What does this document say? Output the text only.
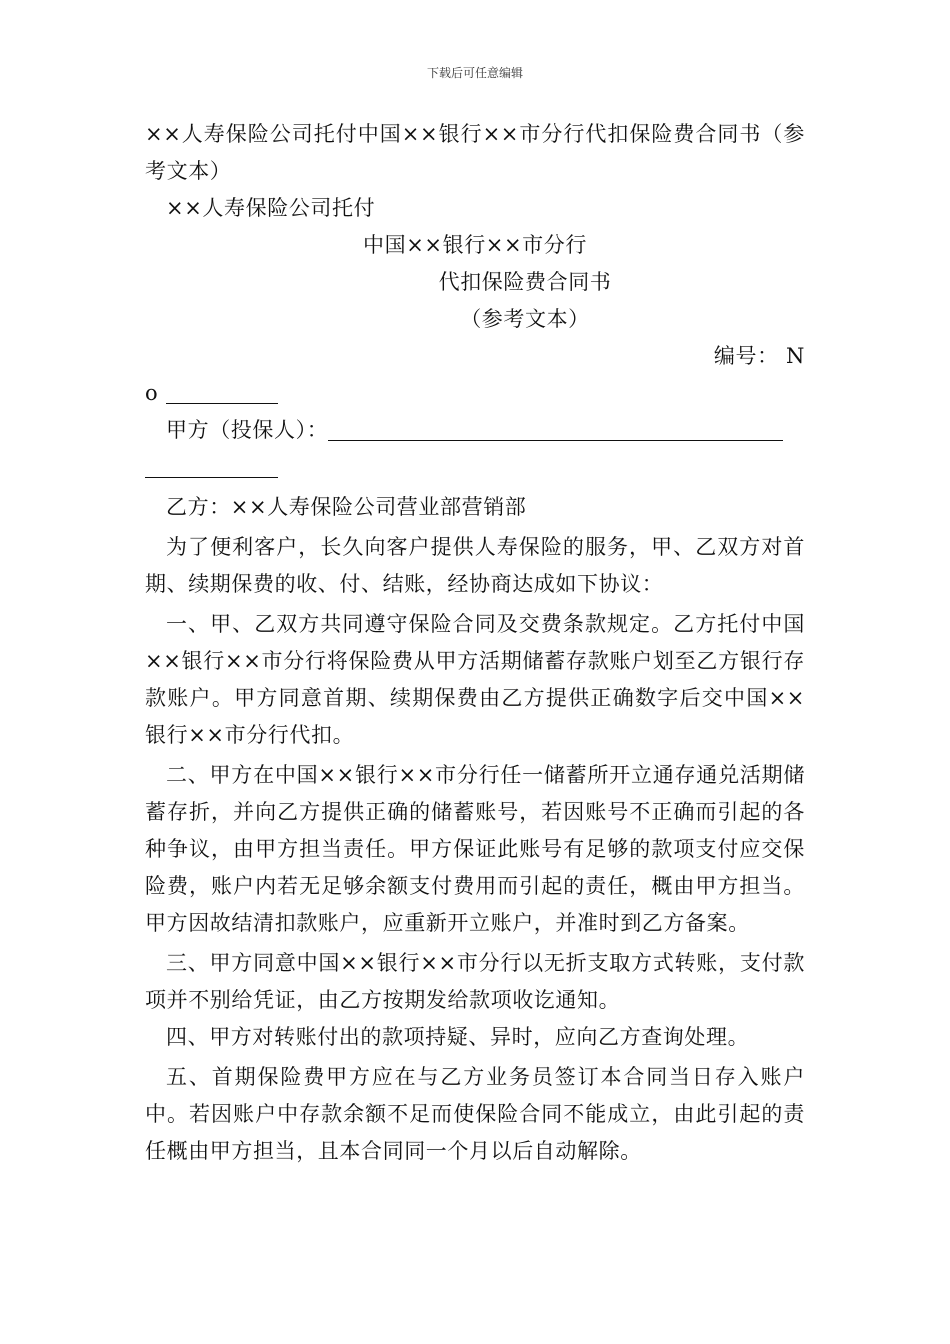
下载后可任意编辑

××人寿保险公司托付中国××银行××市分行代扣保险费合同书（参考文本）

××人寿保险公司托付

中国××银行××市分行

代扣保险费合同书

（参考文本）

编号： N

o

甲方（投保人）：

乙方：××人寿保险公司营业部营销部

为了便利客户，长久向客户提供人寿保险的服务，甲、乙双方对首期、续期保费的收、付、结账，经协商达成如下协议：

一、甲、乙双方共同遵守保险合同及交费条款规定。乙方托付中国××银行××市分行将保险费从甲方活期储蓄存款账户划至乙方银行存款账户。甲方同意首期、续期保费由乙方提供正确数字后交中国××银行××市分行代扣。

二、甲方在中国××银行××市分行任一储蓄所开立通存通兑活期储蓄存折，并向乙方提供正确的储蓄账号，若因账号不正确而引起的各种争议，由甲方担当责任。甲方保证此账号有足够的款项支付应交保险费，账户内若无足够余额支付费用而引起的责任，概由甲方担当。甲方因故结清扣款账户，应重新开立账户，并准时到乙方备案。

三、甲方同意中国××银行××市分行以无折支取方式转账，支付款项并不别给凭证，由乙方按期发给款项收讫通知。

四、甲方对转账付出的款项持疑、异时，应向乙方查询处理。

五、首期保险费甲方应在与乙方业务员签订本合同当日存入账户中。若因账户中存款余额不足而使保险合同不能成立，由此引起的责任概由甲方担当，且本合同同一个月以后自动解除。
